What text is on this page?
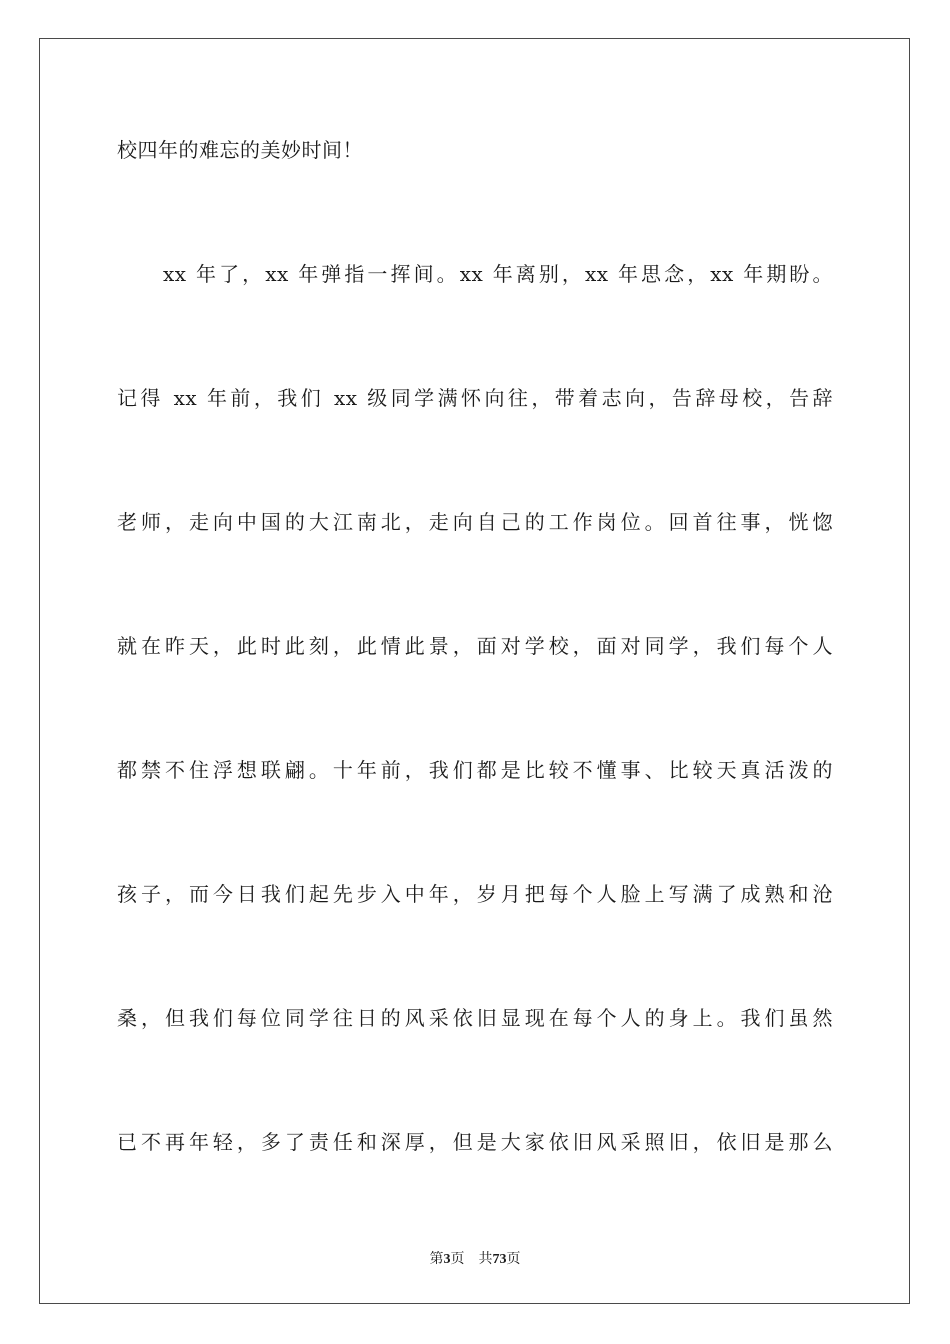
校四年的难忘的美妙时间！
xx 年了，xx 年弹指一挥间。xx 年离别，xx 年思念，xx 年期盼。
记得 xx 年前，我们 xx 级同学满怀向往，带着志向，告辞母校，告辞
老师，走向中国的大江南北，走向自己的工作岗位。回首往事，恍惚
就在昨天，此时此刻，此情此景，面对学校，面对同学，我们每个人
都禁不住浮想联翩。十年前，我们都是比较不懂事、比较天真活泼的
孩子，而今日我们起先步入中年，岁月把每个人脸上写满了成熟和沧
桑，但我们每位同学往日的风采依旧显现在每个人的身上。我们虽然
已不再年轻，多了责任和深厚，但是大家依旧风采照旧，依旧是那么
第3页 共73页
